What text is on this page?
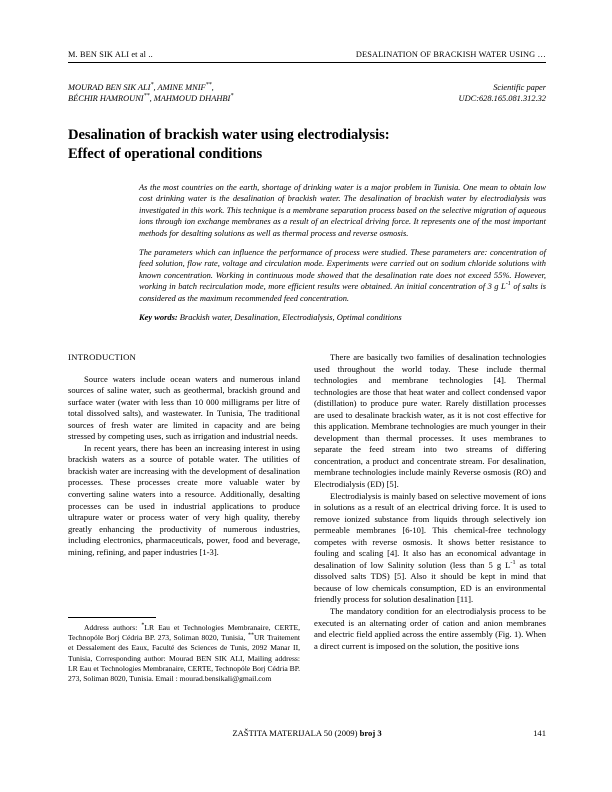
M. BEN SIK ALI et al ..	DESALINATION OF BRACKISH WATER USING …
MOURAD BEN SIK ALI*, AMINE MNIF**,
BÉCHIR HAMROUNI**, MAHMOUD DHAHBI*
Scientific paper
UDC:628.165.081.312.32
Desalination of brackish water using electrodialysis:
Effect of operational conditions

As the most countries on the earth, shortage of drinking water is a major problem in Tunisia. One mean to obtain low cost drinking water is the desalination of brackish water. The desalination of brackish water by electrodialysis was investigated in this work. This technique is a membrane separation process based on the selective migration of aqueous ions through ion exchange membranes as a result of an electrical driving force. It represents one of the most important methods for desalting solutions as well as thermal process and reverse osmosis.

The parameters which can influence the performance of process were studied. These parameters are: concentration of feed solution, flow rate, voltage and circulation mode. Experiments were carried out on sodium chloride solutions with known concentration. Working in continuous mode showed that the desalination rate does not exceed 55%. However, working in batch recirculation mode, more efficient results were obtained. An initial concentration of 3 g $L^{-1}$ of salts is considered as the maximum recommended feed concentration.

Key words: Brackish water, Desalination, Electrodialysis, Optimal conditions

INTRODUCTION

Source waters include ocean waters and numerous inland sources of saline water, such as geothermal, brackish ground and surface water (water with less than 10 000 milligrams per litre of total dissolved salts), and wastewater. In Tunisia, The traditional sources of fresh water are limited in capacity and are being stressed by competing uses, such as irrigation and industrial needs.

In recent years, there has been an increasing interest in using brackish waters as a source of potable water. The utilities of brackish water are increasing with the development of desalination processes. These processes create more valuable water by converting saline waters into a resource. Additionally, desalting processes can be used in industrial applications to produce ultrapure water or process water of very high quality, thereby greatly enhancing the productivity of numerous industries, including electronics, pharmaceuticals, power, food and beverage, mining, refining, and paper industries [1-3].

There are basically two families of desalination technologies used throughout the world today. These include thermal technologies and membrane technologies [4]. Thermal technologies are those that heat water and collect condensed vapor (distillation) to produce pure water. Rarely distillation processes are used to desalinate brackish water, as it is not cost effective for this application. Membrane technologies are much younger in their development than thermal processes. It uses membranes to separate the feed stream into two streams of differing concentration, a product and concentrate stream. For desalination, membrane technologies include mainly Reverse osmosis (RO) and Electrodialysis (ED) [5].

Electrodialysis is mainly based on selective movement of ions in solutions as a result of an electrical driving force. It is used to remove ionized substance from liquids through selectively ion permeable membranes [6-10]. This chemical-free technology competes with reverse osmosis. It shows better resistance to fouling and scaling [4]. It also has an economical advantage in desalination of low Salinity solution (less than 5 g $L^{-1}$ as total dissolved salts TDS) [5]. Also it should be kept in mind that because of low chemicals consumption, ED is an environmental friendly process for solution desalination [11].

The mandatory condition for an electrodialysis process to be executed is an alternating order of cation and anion membranes and electric field applied across the entire assembly (Fig. 1). When a direct current is imposed on the solution, the positive ions

Address authors: *LR Eau et Technologies Membranaire, CERTE, Technopóle Borj Cédria BP. 273, Soliman 8020, Tunisia, **UR Traitement et Dessalement des Eaux, Faculté des Sciences de Tunis, 2092 Manar II, Tunisia, Corresponding author: Mourad BEN SIK ALI, Mailing address: LR Eau et Technologies Membranaire, CERTE, Technopóle Borj Cédria BP. 273, Soliman 8020, Tunisia. Email : mourad.bensikali@gmail.com

ZAŠTITA MATERIJALA 50 (2009) broj 3	141
